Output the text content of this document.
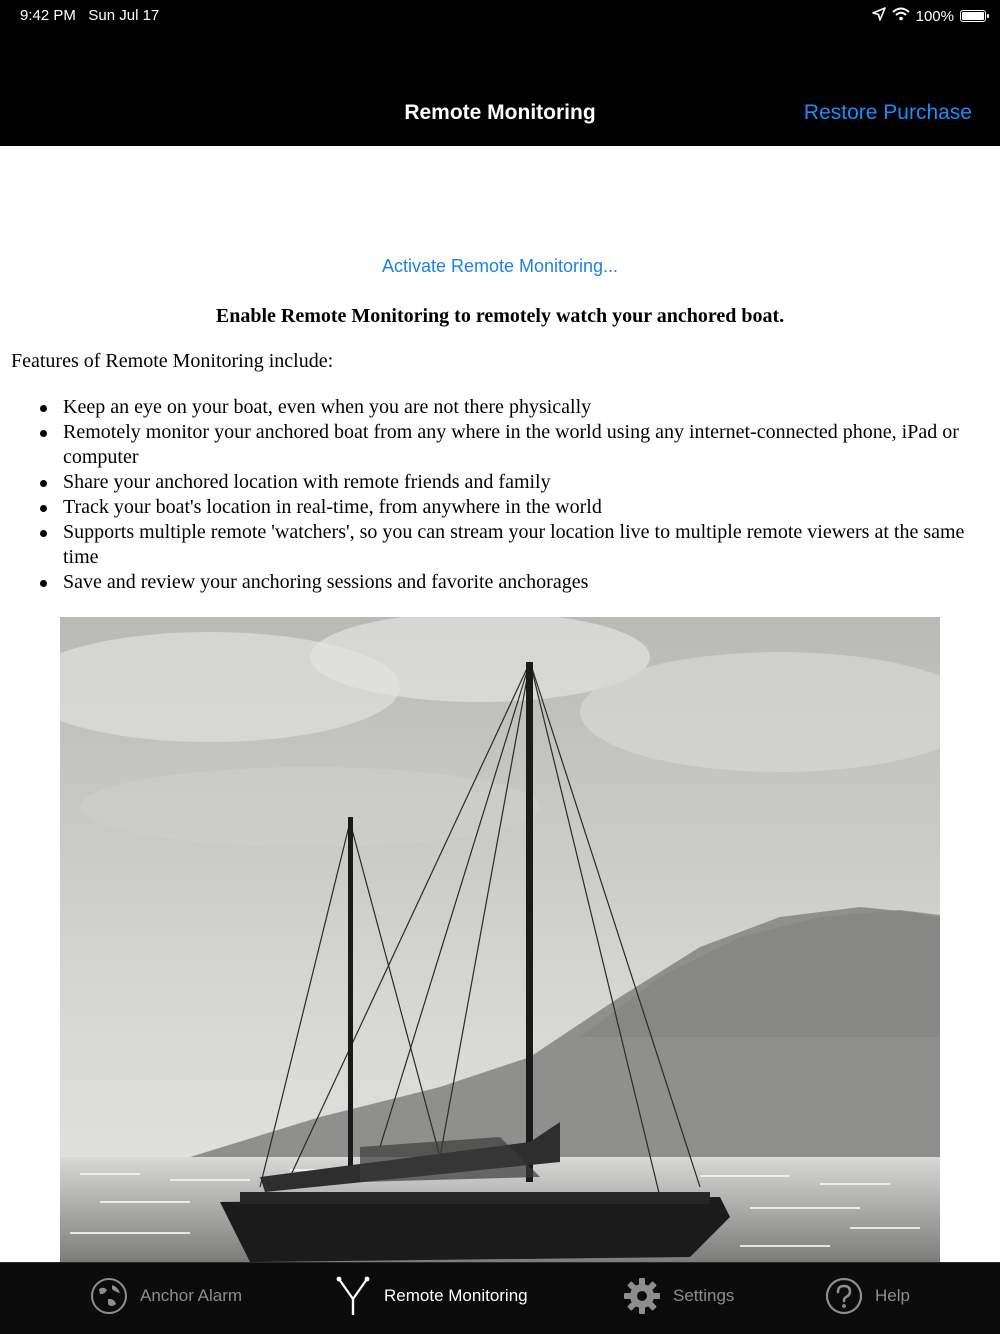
9:42 PM Sun Jul 17	100%
Remote Monitoring	Restore Purchase
Activate Remote Monitoring...
Enable Remote Monitoring to remotely watch your anchored boat.
Features of Remote Monitoring include:
Keep an eye on your boat, even when you are not there physically
Remotely monitor your anchored boat from any where in the world using any internet-connected phone, iPad or computer
Share your anchored location with remote friends and family
Track your boat's location in real-time, from anywhere in the world
Supports multiple remote 'watchers', so you can stream your location live to multiple remote viewers at the same time
Save and review your anchoring sessions and favorite anchorages
Anchor Alarm	Remote Monitoring	Settings	Help
